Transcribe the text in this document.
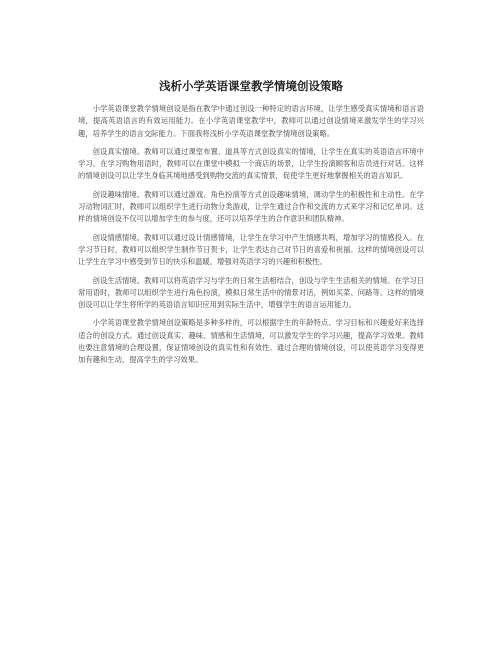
浅析小学英语课堂教学情境创设策略

小学英语课堂教学情境创设是指在教学中通过创设一种特定的语言环境，让学生感受真实情境和语言语境，提高英语语言的有效运用能力。在小学英语课堂教学中，教师可以通过创设情境来激发学生的学习兴趣，培养学生的语言交际能力。下面我将浅析小学英语课堂教学情境创设策略。

创设真实情境。教师可以通过课堂布置、道具等方式创设真实的情境，让学生在真实的英语语言环境中学习。在学习购物用语时，教师可以在课堂中模拟一个商店的场景，让学生扮演顾客和店员进行对话。这样的情境创设可以让学生身临其境地感受到购物交流的真实情景，促使学生更好地掌握相关的语言知识。

创设趣味情境。教师可以通过游戏、角色扮演等方式创设趣味情境，调动学生的积极性和主动性。在学习动物词汇时，教师可以组织学生进行动物分类游戏，让学生通过合作和交流的方式来学习和记忆单词。这样的情境创设不仅可以增加学生的参与度，还可以培养学生的合作意识和团队精神。

创设情感情境。教师可以通过设计情感情境，让学生在学习中产生情感共鸣，增加学习的情感投入。在学习节日时，教师可以组织学生制作节日贺卡，让学生表达自己对节日的喜爱和祝福。这样的情境创设可以让学生在学习中感受到节日的快乐和温暖，增强对英语学习的兴趣和积极性。

创设生活情境。教师可以将英语学习与学生的日常生活相结合，创设与学生生活相关的情境。在学习日常用语时，教师可以组织学生进行角色扮演，模拟日常生活中的情景对话，例如买菜、问路等。这样的情境创设可以让学生将所学的英语语言知识应用到实际生活中，增强学生的语言运用能力。

小学英语课堂教学情境创设策略是多种多样的，可以根据学生的年龄特点、学习目标和兴趣爱好来选择适合的创设方式。通过创设真实、趣味、情感和生活情境，可以激发学生的学习兴趣，提高学习效果。教师也要注意情境的合理设置，保证情境创设的真实性和有效性。通过合理的情境创设，可以使英语学习变得更加有趣和生动，提高学生的学习效果。
